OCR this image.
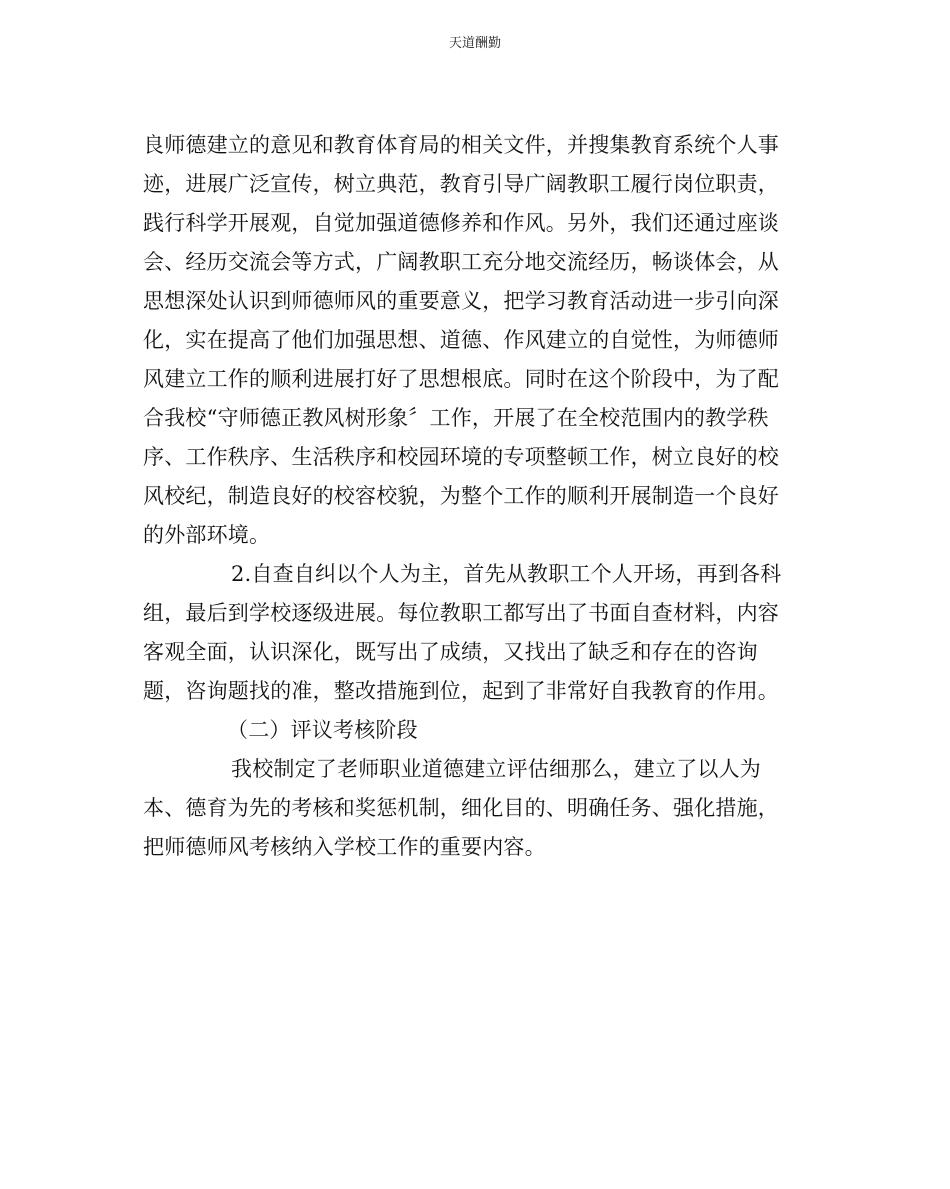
天道酬勤
良师德建立的意见和教育体育局的相关文件，并搜集教育系统个人事
迹，进展广泛宣传，树立典范，教育引导广阔教职工履行岗位职责，
践行科学开展观，自觉加强道德修养和作风。另外，我们还通过座谈
会、经历交流会等方式，广阔教职工充分地交流经历，畅谈体会，从
思想深处认识到师德师风的重要意义，把学习教育活动进一步引向深
化，实在提高了他们加强思想、道德、作风建立的自觉性，为师德师
风建立工作的顺利进展打好了思想根底。同时在这个阶段中，为了配
合我校“守师德正教风树形象〞工作，开展了在全校范围内的教学秩
序、工作秩序、生活秩序和校园环境的专项整顿工作，树立良好的校
风校纪，制造良好的校容校貌，为整个工作的顺利开展制造一个良好
的外部环境。
2.自查自纠以个人为主，首先从教职工个人开场，再到各科
组，最后到学校逐级进展。每位教职工都写出了书面自查材料，内容
客观全面，认识深化，既写出了成绩，又找出了缺乏和存在的咨询
题，咨询题找的准，整改措施到位，起到了非常好自我教育的作用。
（二）评议考核阶段
我校制定了老师职业道德建立评估细那么，建立了以人为
本、德育为先的考核和奖惩机制，细化目的、明确任务、强化措施，
把师德师风考核纳入学校工作的重要内容。
